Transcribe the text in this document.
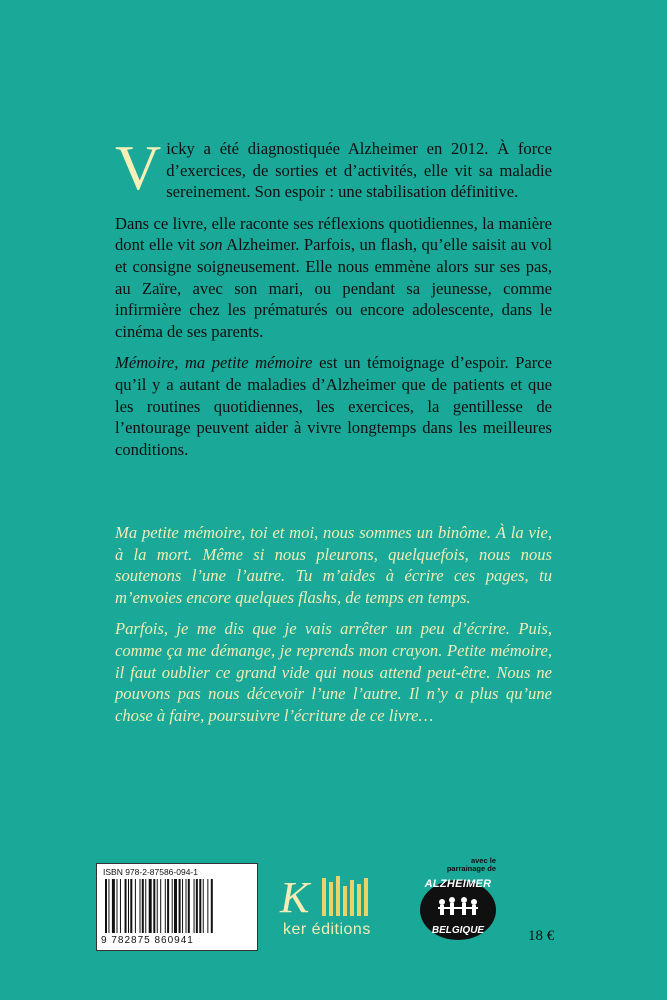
Vicky a été diagnostiquée Alzheimer en 2012. À force d’exercices, de sorties et d’activités, elle vit sa maladie sereinement. Son espoir : une stabilisation définitive.

Dans ce livre, elle raconte ses réflexions quotidiennes, la manière dont elle vit son Alzheimer. Parfois, un flash, qu’elle saisit au vol et consigne soigneusement. Elle nous emmène alors sur ses pas, au Zaïre, avec son mari, ou pendant sa jeunesse, comme infirmière chez les prématurés ou encore adolescente, dans le cinéma de ses parents.

Mémoire, ma petite mémoire est un témoignage d’espoir. Parce qu’il y a autant de maladies d’Alzheimer que de patients et que les routines quotidiennes, les exercices, la gentillesse de l’entourage peuvent aider à vivre longtemps dans les meilleures conditions.

Ma petite mémoire, toi et moi, nous sommes un binôme. À la vie, à la mort. Même si nous pleurons, quelquefois, nous nous soutenons l’une l’autre. Tu m’aides à écrire ces pages, tu m’envoies encore quelques flashs, de temps en temps.

Parfois, je me dis que je vais arrêter un peu d’écrire. Puis, comme ça me démange, je reprends mon crayon. Petite mémoire, il faut oublier ce grand vide qui nous attend peut-être. Nous ne pouvons pas nous décevoir l’une l’autre. Il n’y a plus qu’une chose à faire, poursuivre l’écriture de ce livre…

ISBN 978-2-87586-094-1
9 782875 860941
K
ker éditions
avec le parrainage de
ALZHEIMER
BELGIQUE	18 €
